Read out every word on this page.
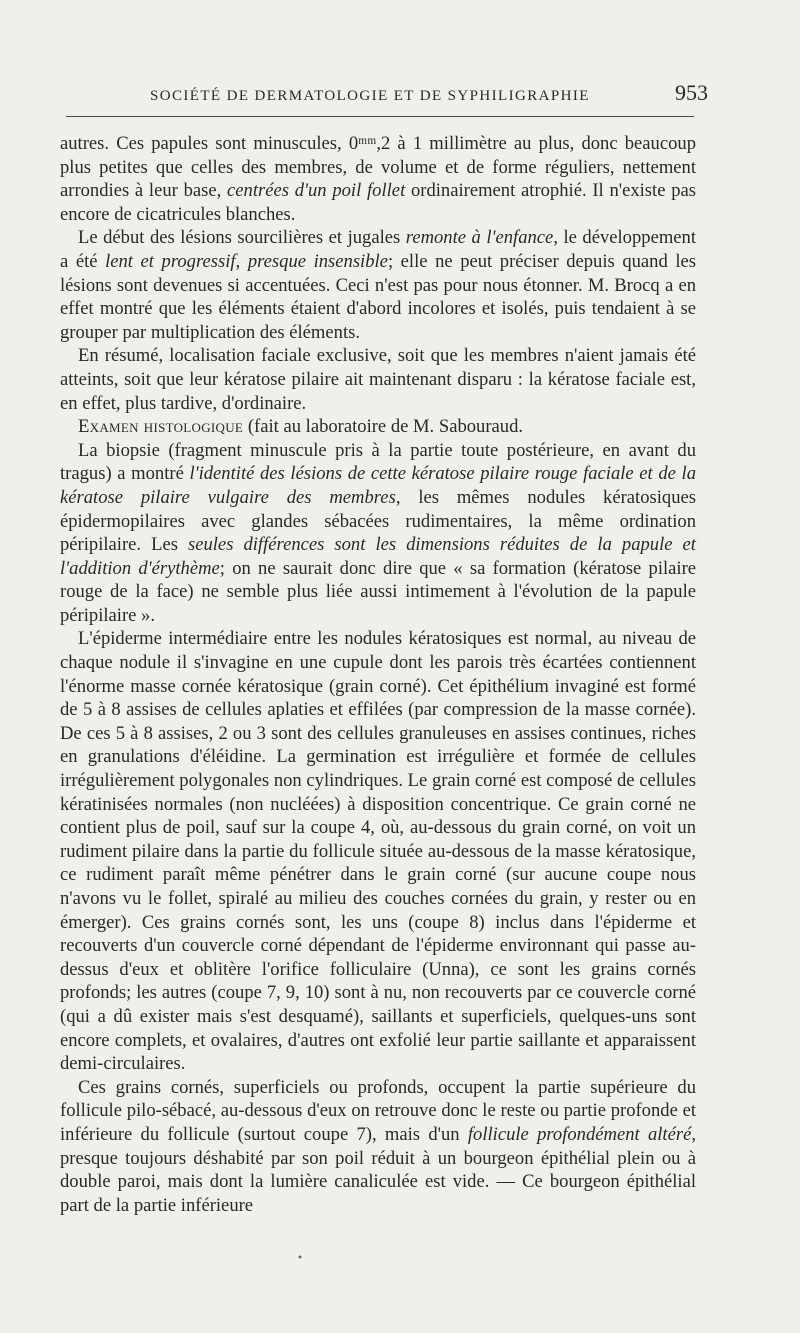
SOCIÉTÉ DE DERMATOLOGIE ET DE SYPHILIGRAPHIE	953

autres. Ces papules sont minuscules, 0ᵐᵐ,2 à 1 millimètre au plus, donc beaucoup plus petites que celles des membres, de volume et de forme réguliers, nettement arrondies à leur base, centrées d'un poil follet ordinairement atrophié. Il n'existe pas encore de cicatricules blanches.

Le début des lésions sourcilières et jugales remonte à l'enfance, le développement a été lent et progressif, presque insensible; elle ne peut préciser depuis quand les lésions sont devenues si accentuées. Ceci n'est pas pour nous étonner. M. Brocq a en effet montré que les éléments étaient d'abord incolores et isolés, puis tendaient à se grouper par multiplication des éléments.

En résumé, localisation faciale exclusive, soit que les membres n'aient jamais été atteints, soit que leur kératose pilaire ait maintenant disparu : la kératose faciale est, en effet, plus tardive, d'ordinaire.

Examen histologique (fait au laboratoire de M. Sabouraud.

La biopsie (fragment minuscule pris à la partie toute postérieure, en avant du tragus) a montré l'identité des lésions de cette kératose pilaire rouge faciale et de la kératose pilaire vulgaire des membres, les mêmes nodules kératosiques épidermopilaires avec glandes sébacées rudimentaires, la même ordination péripilaire. Les seules différences sont les dimensions réduites de la papule et l'addition d'érythème; on ne saurait donc dire que « sa formation (kératose pilaire rouge de la face) ne semble plus liée aussi intimement à l'évolution de la papule péripilaire ».

L'épiderme intermédiaire entre les nodules kératosiques est normal, au niveau de chaque nodule il s'invagine en une cupule dont les parois très écartées contiennent l'énorme masse cornée kératosique (grain corné). Cet épithélium invaginé est formé de 5 à 8 assises de cellules aplaties et effilées (par compression de la masse cornée). De ces 5 à 8 assises, 2 ou 3 sont des cellules granuleuses en assises continues, riches en granulations d'éléidine. La germination est irrégulière et formée de cellules irrégulièrement polygonales non cylindriques. Le grain corné est composé de cellules kératinisées normales (non nucléées) à disposition concentrique. Ce grain corné ne contient plus de poil, sauf sur la coupe 4, où, au-dessous du grain corné, on voit un rudiment pilaire dans la partie du follicule située au-dessous de la masse kératosique, ce rudiment paraît même pénétrer dans le grain corné (sur aucune coupe nous n'avons vu le follet, spiralé au milieu des couches cornées du grain, y rester ou en émerger). Ces grains cornés sont, les uns (coupe 8) inclus dans l'épiderme et recouverts d'un couvercle corné dépendant de l'épiderme environnant qui passe au-dessus d'eux et oblitère l'orifice folliculaire (Unna), ce sont les grains cornés profonds; les autres (coupe 7, 9, 10) sont à nu, non recouverts par ce couvercle corné (qui a dû exister mais s'est desquamé), saillants et superficiels, quelques-uns sont encore complets, et ovalaires, d'autres ont exfolié leur partie saillante et apparaissent demi-circulaires.

Ces grains cornés, superficiels ou profonds, occupent la partie supérieure du follicule pilo-sébacé, au-dessous d'eux on retrouve donc le reste ou partie profonde et inférieure du follicule (surtout coupe 7), mais d'un follicule profondément altéré, presque toujours déshabité par son poil réduit à un bourgeon épithélial plein ou à double paroi, mais dont la lumière canaliculée est vide. — Ce bourgeon épithélial part de la partie inférieure

•
